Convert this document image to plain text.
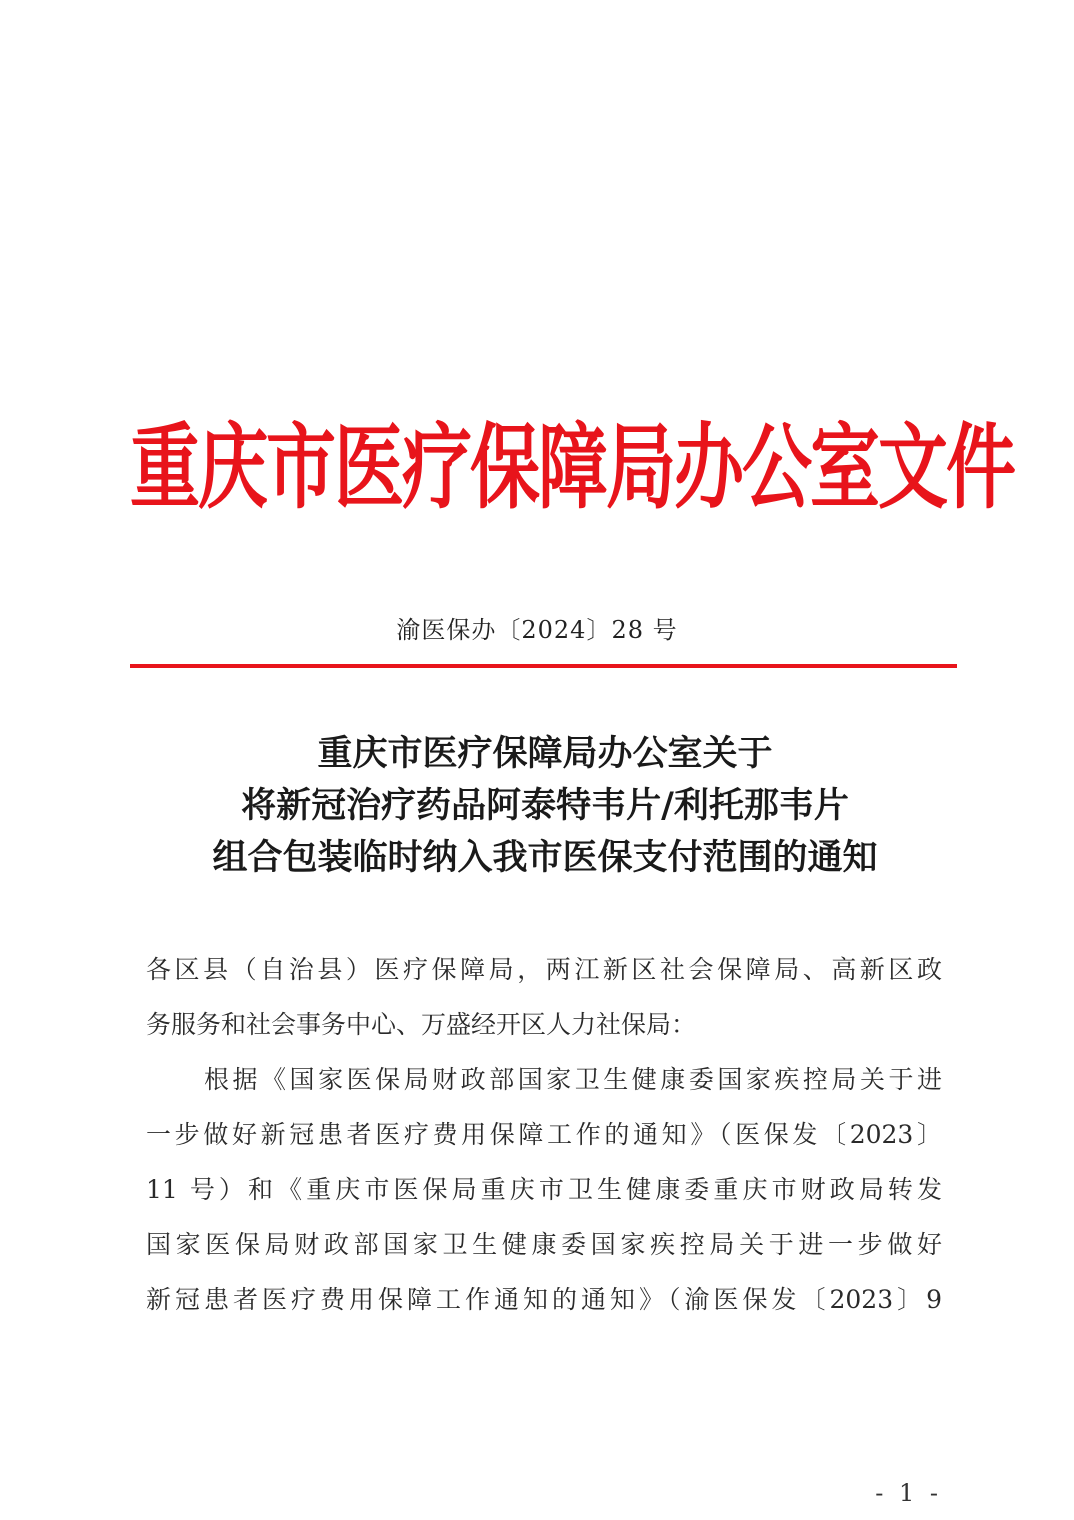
重庆市医疗保障局办公室文件
渝医保办〔2024〕28 号
重庆市医疗保障局办公室关于
将新冠治疗药品阿泰特韦片/利托那韦片
组合包装临时纳入我市医保支付范围的通知
各区县（自治县）医疗保障局，两江新区社会保障局、高新区政
务服务和社会事务中心、万盛经开区人力社保局：
根据《国家医保局财政部国家卫生健康委国家疾控局关于进
一步做好新冠患者医疗费用保障工作的通知》（医保发〔2023〕
11 号）和《重庆市医保局重庆市卫生健康委重庆市财政局转发
国家医保局财政部国家卫生健康委国家疾控局关于进一步做好
新冠患者医疗费用保障工作通知的通知》（渝医保发〔2023〕9
- 1 -
